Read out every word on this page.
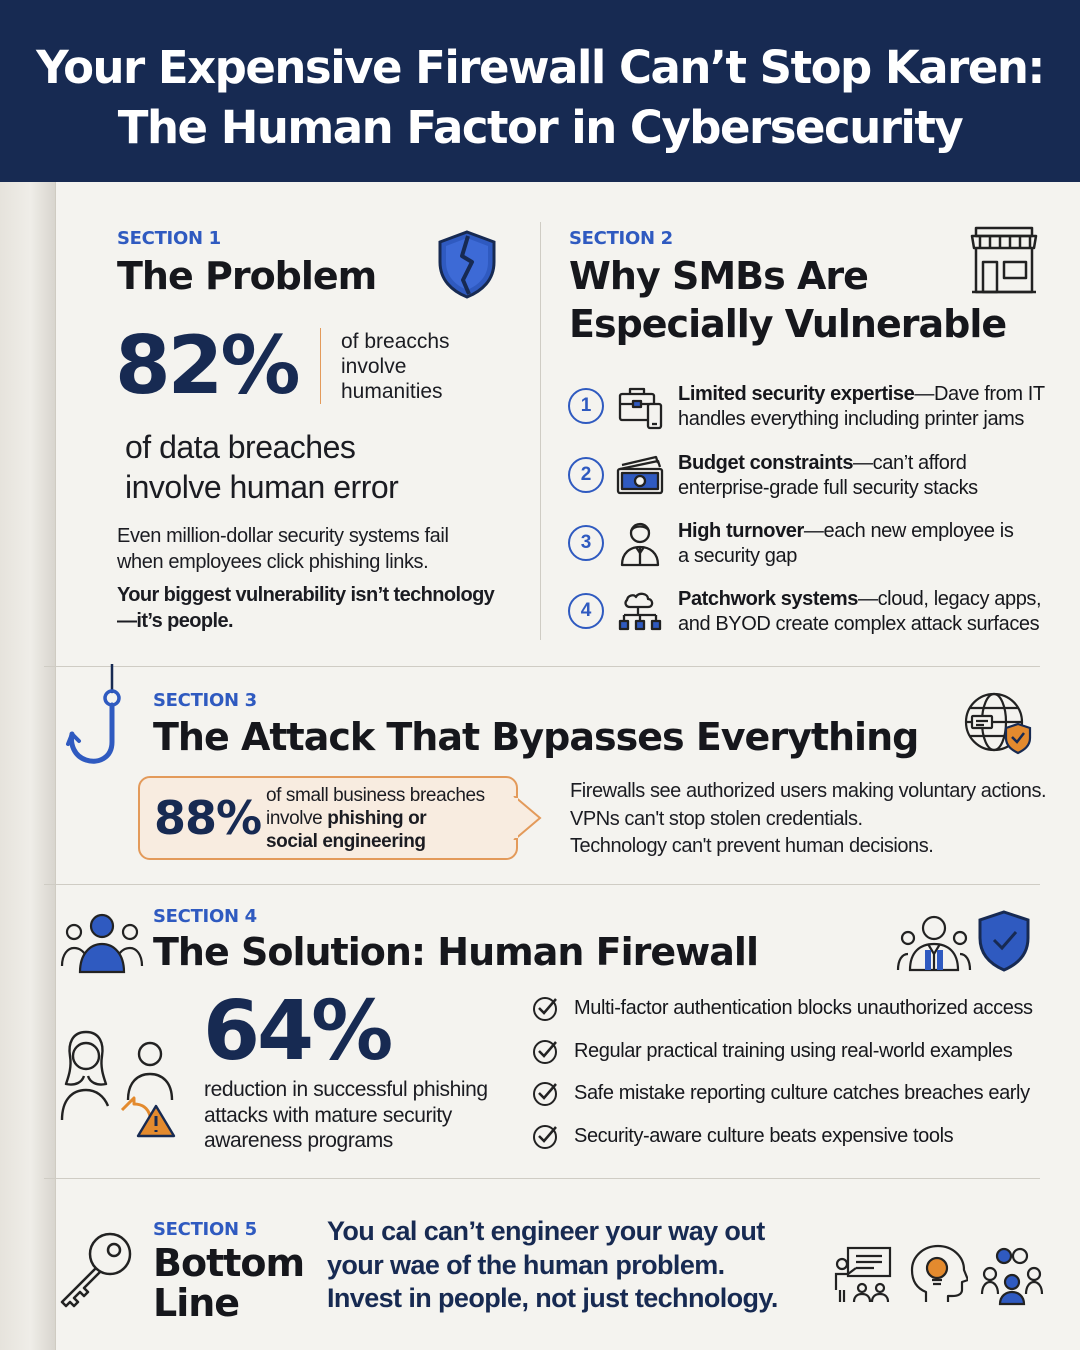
Your Expensive Firewall Can’t Stop Karen:
The Human Factor in Cybersecurity
SECTION 1
The Problem
82% of breacchs
involve
humanities
of data breaches
involve human error
Even million-dollar security systems fail
when employees click phishing links.
Your biggest vulnerability isn’t technology
—it’s people.
SECTION 2
Why SMBs Are
Especially Vulnerable
1
Limited security expertise—Dave from IT
handles everything including printer jams
2
Budget constraints—can’t afford
enterprise-grade full security stacks
3
High turnover—each new employee is
a security gap
4
Patchwork systems—cloud, legacy apps,
and BYOD create complex attack surfaces
SECTION 3
The Attack That Bypasses Everything
88% of small business breaches
involve phishing or
social engineering
Firewalls see authorized users making voluntary actions.
VPNs can't stop stolen credentials.
Technology can't prevent human decisions.
SECTION 4
The Solution: Human Firewall
64%
reduction in successful phishing
attacks with mature security
awareness programs
Multi-factor authentication blocks unauthorized access
Regular practical training using real-world examples
Safe mistake reporting culture catches breaches early
Security-aware culture beats expensive tools
SECTION 5
Bottom
Line
You cal can’t engineer your way out
your wae of the human problem.
Invest in people, not just technology.
